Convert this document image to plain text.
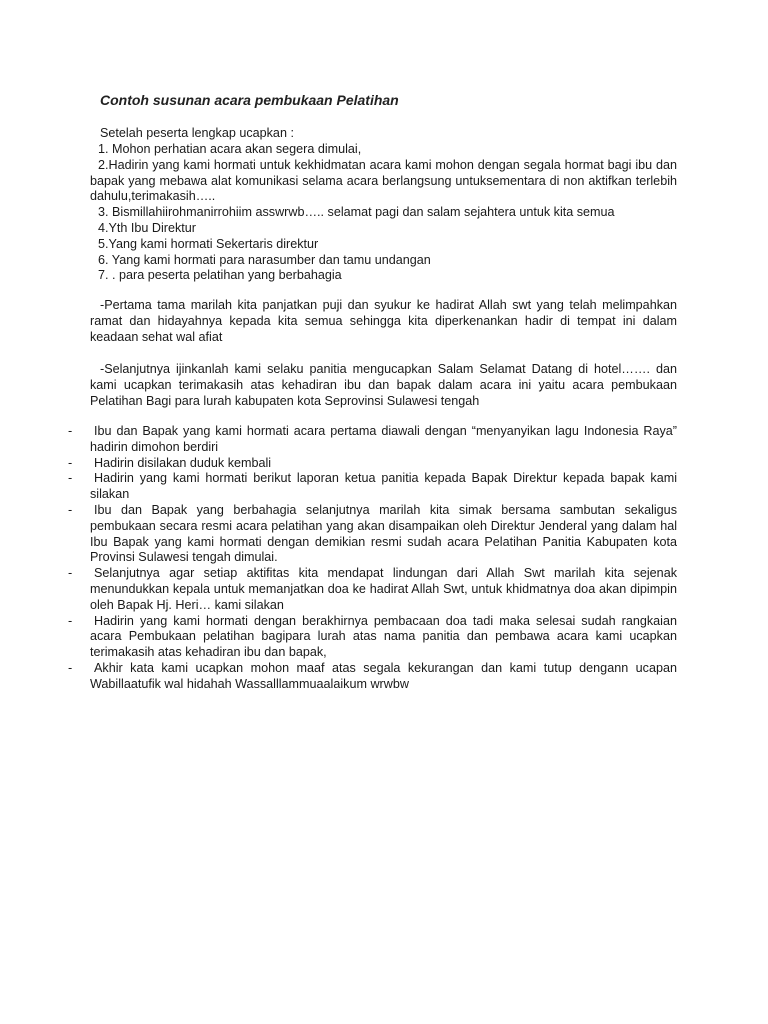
Contoh susunan acara pembukaan Pelatihan
Setelah peserta lengkap ucapkan :
1. Mohon perhatian acara akan segera dimulai,
2.Hadirin yang kami hormati untuk kekhidmatan acara kami mohon dengan segala hormat bagi ibu dan bapak yang mebawa alat komunikasi selama acara berlangsung untuksementara di non aktifkan terlebih dahulu,terimakasih…..
3. Bismillahiirohmanirrohiim asswrwb….. selamat pagi dan salam sejahtera untuk kita semua
4.Yth Ibu Direktur
5.Yang kami hormati Sekertaris direktur
6. Yang kami hormati para narasumber dan tamu undangan
7. . para peserta pelatihan yang berbahagia

-Pertama tama marilah kita panjatkan puji dan syukur ke hadirat Allah swt yang telah melimpahkan ramat dan hidayahnya kepada kita semua sehingga kita diperkenankan hadir di tempat ini dalam keadaan sehat wal afiat

-Selanjutnya ijinkanlah kami selaku panitia mengucapkan Salam Selamat Datang di hotel……. dan kami ucapkan terimakasih atas kehadiran ibu dan bapak dalam acara ini yaitu acara pembukaan Pelatihan Bagi para lurah kabupaten kota Seprovinsi Sulawesi tengah

-	Ibu dan Bapak yang kami hormati acara pertama diawali dengan “menyanyikan lagu Indonesia Raya” hadirin dimohon berdiri
-	Hadirin disilakan duduk kembali
-	Hadirin yang kami hormati berikut laporan ketua panitia kepada Bapak Direktur kepada bapak kami silakan
-	Ibu dan Bapak yang berbahagia selanjutnya marilah kita simak bersama sambutan sekaligus pembukaan secara resmi acara pelatihan yang akan disampaikan oleh Direktur Jenderal yang dalam hal Ibu Bapak yang kami hormati dengan demikian resmi sudah acara Pelatihan Panitia Kabupaten kota Provinsi Sulawesi tengah dimulai.
-	Selanjutnya agar setiap aktifitas kita mendapat lindungan dari Allah Swt marilah kita sejenak menundukkan kepala untuk memanjatkan doa ke hadirat Allah Swt, untuk khidmatnya doa akan dipimpin oleh Bapak Hj. Heri… kami silakan
-	Hadirin yang kami hormati dengan berakhirnya pembacaan doa tadi maka selesai sudah rangkaian acara Pembukaan pelatihan bagipara lurah atas nama panitia dan pembawa acara kami ucapkan terimakasih atas kehadiran ibu dan bapak,
-	Akhir kata kami ucapkan mohon maaf atas segala kekurangan dan kami tutup dengann ucapan Wabillaatufik wal hidahah Wassalllammuaalaikum wrwbw
